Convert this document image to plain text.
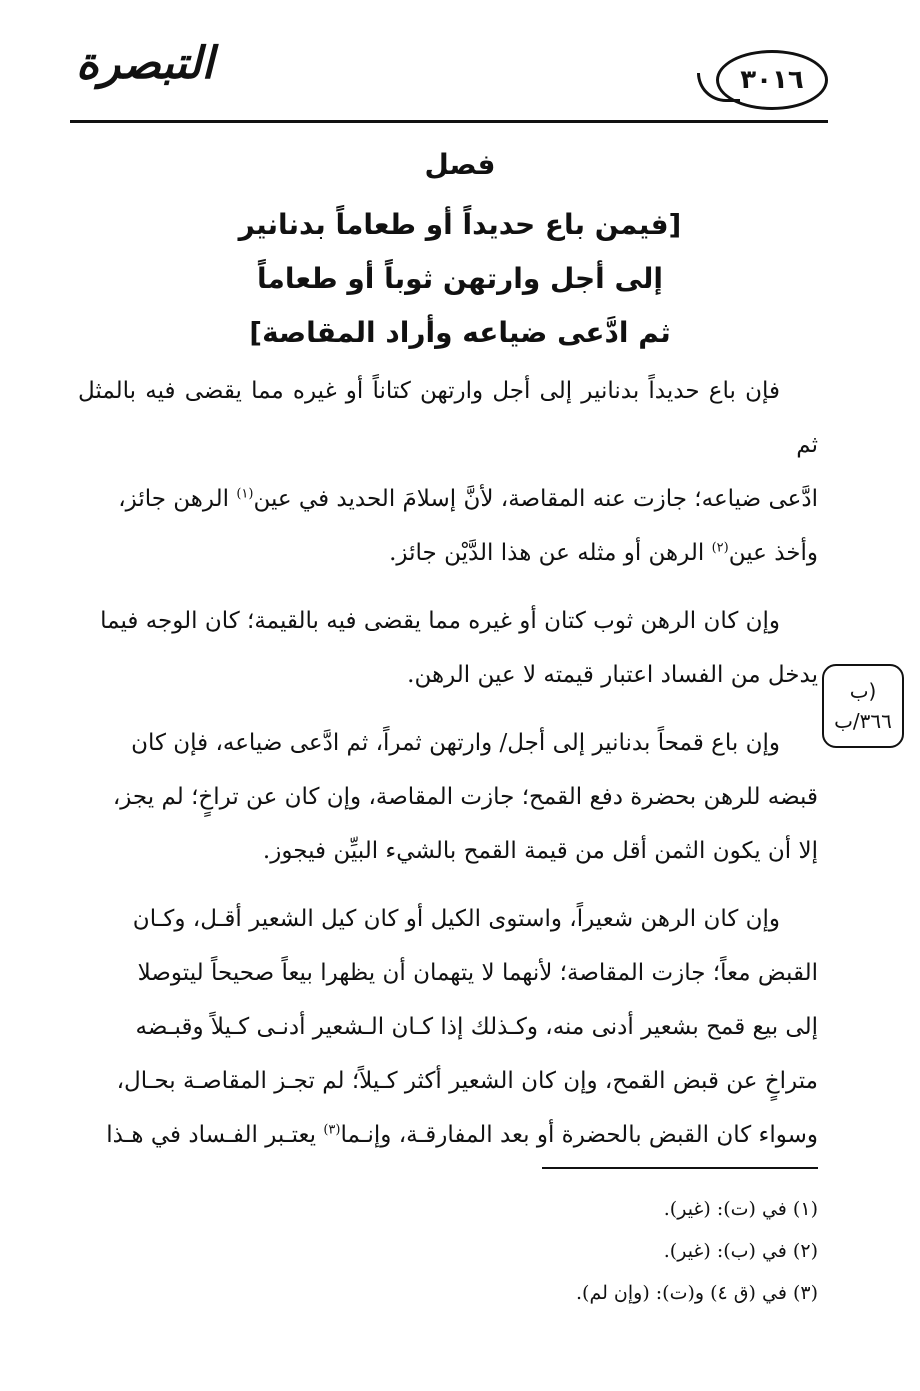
التبصرة	٣٠١٦
فصل
[فيمن باع حديداً أو طعاماً بدنانير
إلى أجل وارتهن ثوباً أو طعاماً
ثم ادَّعى ضياعه وأراد المقاصة]

فإن باع حديداً بدنانير إلى أجل وارتهن كتاناً أو غيره مما يقضى فيه بالمثل ثم
ادَّعى ضياعه؛ جازت عنه المقاصة، لأنَّ إسلامَ الحديد في عين$^{(١)}$ الرهن جائز،
وأخذ عين$^{(٢)}$ الرهن أو مثله عن هذا الدَّيْن جائز.

وإن كان الرهن ثوب كتان أو غيره مما يقضى فيه بالقيمة؛ كان الوجه فيما
يدخل من الفساد اعتبار قيمته لا عين الرهن.

وإن باع قمحاً بدنانير إلى أجل/ وارتهن ثمراً، ثم ادَّعى ضياعه، فإن كان
قبضه للرهن بحضرة دفع القمح؛ جازت المقاصة، وإن كان عن تراخٍ؛ لم يجز،
إلا أن يكون الثمن أقل من قيمة القمح بالشيء البيِّن فيجوز.

وإن كان الرهن شعيراً، واستوى الكيل أو كان كيل الشعير أقـل، وكـان
القبض معاً؛ جازت المقاصة؛ لأنهما لا يتهمان أن يظهرا بيعاً صحيحاً ليتوصلا
إلى بيع قمح بشعير أدنى منه، وكـذلك إذا كـان الـشعير أدنـى كـيلاً وقبـضه
متراخٍ عن قبض القمح، وإن كان الشعير أكثر كـيلاً؛ لم تجـز المقاصـة بحـال،
وسواء كان القبض بالحضرة أو بعد المفارقـة، وإنـما$^{(٣)}$ يعتـبر الفـساد في هـذا

(ب
٣٦٦/ب
(١) في (ت): (غير).
(٢) في (ب): (غير).
(٣) في (ق ٤) و(ت): (وإن لم).
